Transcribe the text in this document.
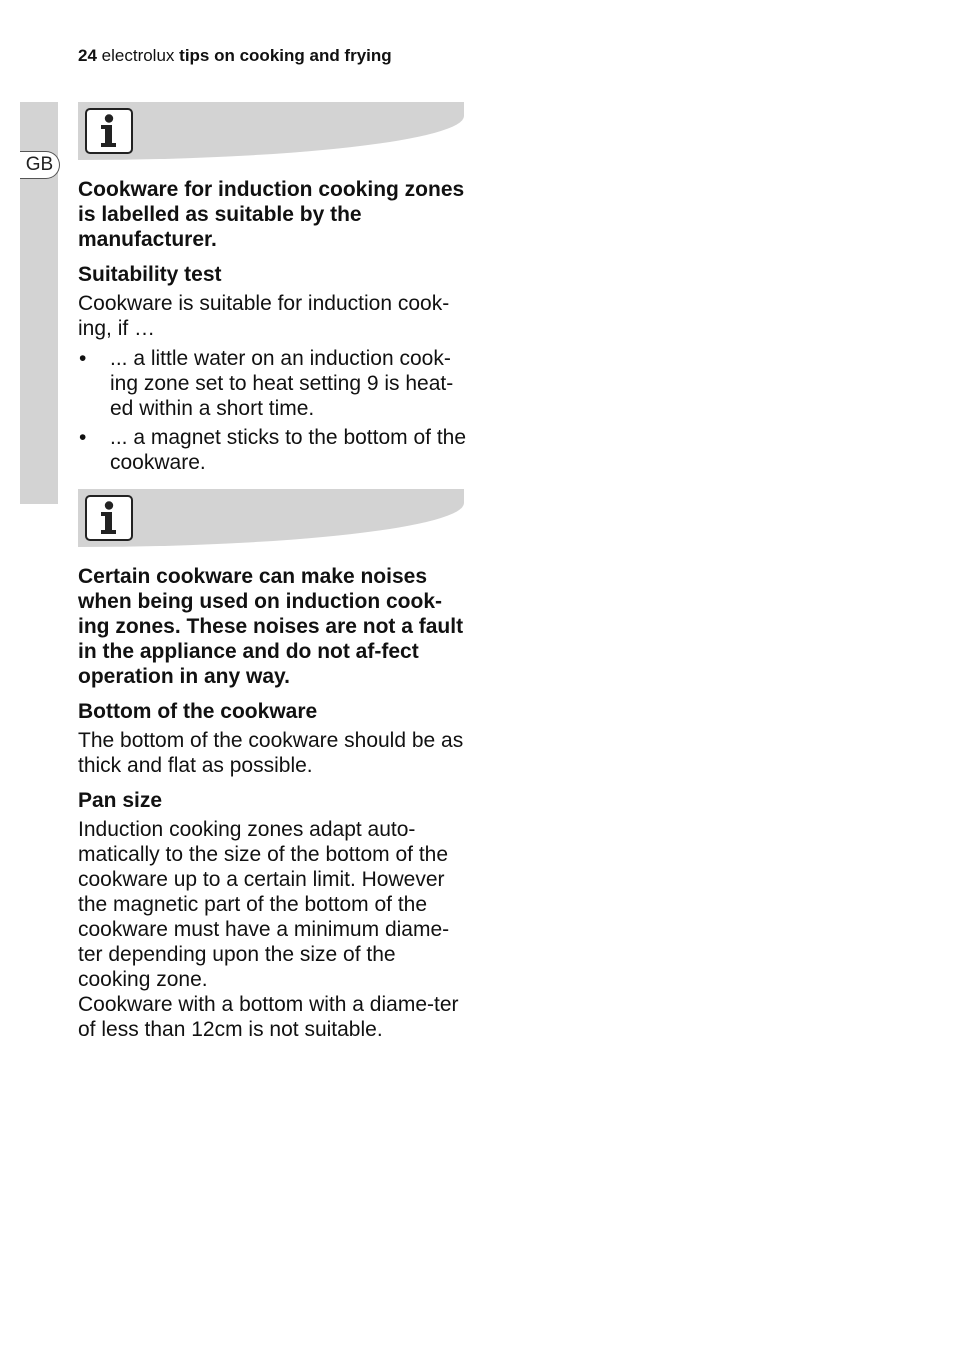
24 electrolux tips on cooking and frying
GB

Cookware for induction cooking zones is labelled as suitable by the manufacturer.

Suitability test

Cookware is suitable for induction cook-ing, if …

• ... a little water on an induction cook-ing zone set to heat setting 9 is heat-ed within a short time.
• ... a magnet sticks to the bottom of the cookware.

Certain cookware can make noises when being used on induction cook-ing zones. These noises are not a fault in the appliance and do not af-fect operation in any way.

Bottom of the cookware

The bottom of the cookware should be as thick and flat as possible.

Pan size

Induction cooking zones adapt auto-matically to the size of the bottom of the cookware up to a certain limit. However the magnetic part of the bottom of the cookware must have a minimum diame-ter depending upon the size of the cooking zone.

Cookware with a bottom with a diame-ter of less than 12cm is not suitable.
